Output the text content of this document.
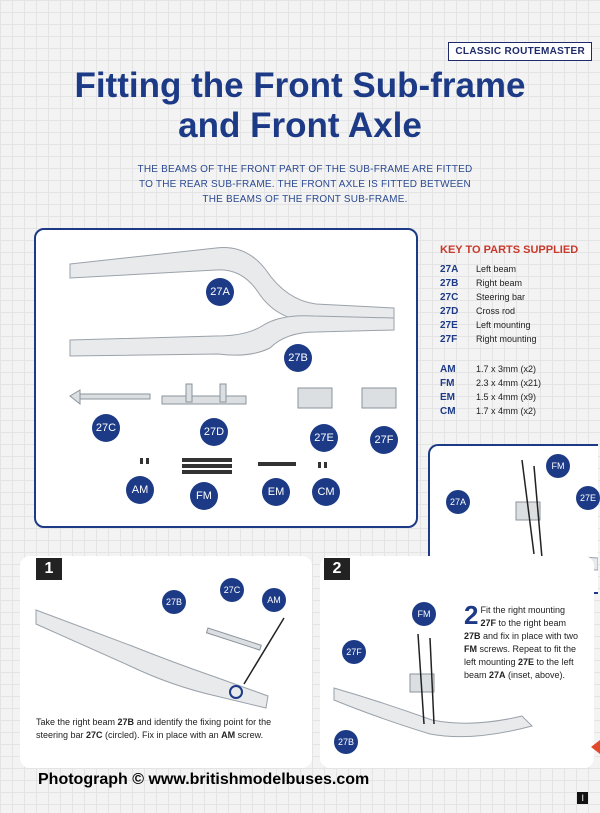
CLASSIC ROUTEMASTER
Fitting the Front Sub-frame
and Front Axle
THE BEAMS OF THE FRONT PART OF THE SUB-FRAME ARE FITTED
TO THE REAR SUB-FRAME. THE FRONT AXLE IS FITTED BETWEEN
THE BEAMS OF THE FRONT SUB-FRAME.
27A
27B
27C	27D	27E	27F
AM	FM	EM	CM
KEY TO PARTS SUPPLIED
27A Left beam
27B Right beam
27C Steering bar
27D Cross rod
27E Left mounting
27F Right mounting
AM 1.7 x 3mm (x2)
FM 2.3 x 4mm (x21)
EM 1.5 x 4mm (x9)
CM 1.7 x 4mm (x2)
FM
27A	27E
1
27B
27C
AM
Take the right beam 27B and identify the fixing point for the steering bar 27C (circled). Fix in place with an AM screw.
2
FM
27F
27B
2 Fit the right mounting 27F to the right beam 27B and fix in place with two FM screws. Repeat to fit the left mounting 27E to the left beam 27A (inset, above).
Photograph © www.britishmodelbuses.com
I
